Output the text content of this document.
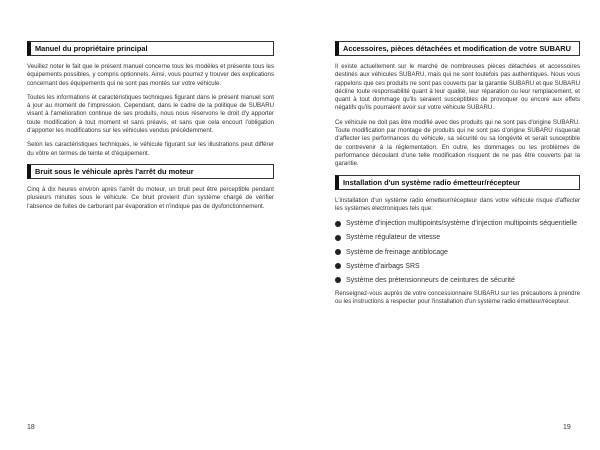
Manuel du propriétaire principal

Veuillez noter le fait que le présent manuel concerne tous les modèles et présente tous les équipements possibles, y compris optionnels. Ainsi, vous pourrez y trouver des explications concernant des équipements qui ne sont pas montés sur votre véhicule.

Toutes les informations et caractéristiques techniques figurant dans le présent manuel sont à jour au moment de l'impression. Cependant, dans le cadre de la politique de SUBARU visant à l'amélioration continue de ses produits, nous nous réservons le droit d'y apporter toute modification à tout moment et sans préavis, et sans que cela encourt l'obligation d'apporter les modifications sur les véhicules vendus précédemment.

Selon les caractéristiques techniques, le véhicule figurant sur les illustrations peut différer du vôtre en termes de teinte et d'équipement.

Bruit sous le véhicule après l'arrêt du moteur

Cinq à dix heures environ après l'arrêt du moteur, un bruit peut être perceptible pendant plusieurs minutes sous le véhicule. Ce bruit provient d'un système chargé de vérifier l'absence de fuites de carburant par évaporation et n'indique pas de dysfonctionnement.

18
Accessoires, pièces détachées et modification de votre SUBARU

Il existe actuellement sur le marché de nombreuses pièces détachées et accessoires destinés aux véhicules SUBARU, mais qui ne sont toutefois pas authentiques. Nous vous rappelons que ces produits ne sont pas couverts par la garantie SUBARU et que SUBARU décline toute responsabilité quant à leur qualité, leur réparation ou leur remplacement, et quant à tout dommage qu'ils seraient susceptibles de provoquer ou encore aux effets négatifs qu'ils pourraient avoir sur votre véhicule SUBARU.

Ce véhicule ne doit pas être modifié avec des produits qui ne sont pas d'origine SUBARU. Toute modification par montage de produits qui ne sont pas d'origine SUBARU risquerait d'affecter les performances du véhicule, sa sécurité ou sa longévité et serait susceptible de contrevenir à la réglementation. En outre, les dommages ou les problèmes de performance découlant d'une telle modification risquent de ne pas être couverts par la garantie.

Installation d'un système radio émetteur/récepteur

L'installation d'un système radio émetteur/récepteur dans votre véhicule risque d'affecter les systèmes électroniques tels que:

Système d'injection multipoints/système d'injection multipoints séquentielle
Système régulateur de vitesse
Système de freinage antiblocage
Système d'airbags SRS
Système des prétensionneurs de ceintures de sécurité

Renseignez-vous auprès de votre concessionnaire SUBARU sur les précautions à prendre ou les instructions à respecter pour l'installation d'un système radio émetteur/récepteur.

19
